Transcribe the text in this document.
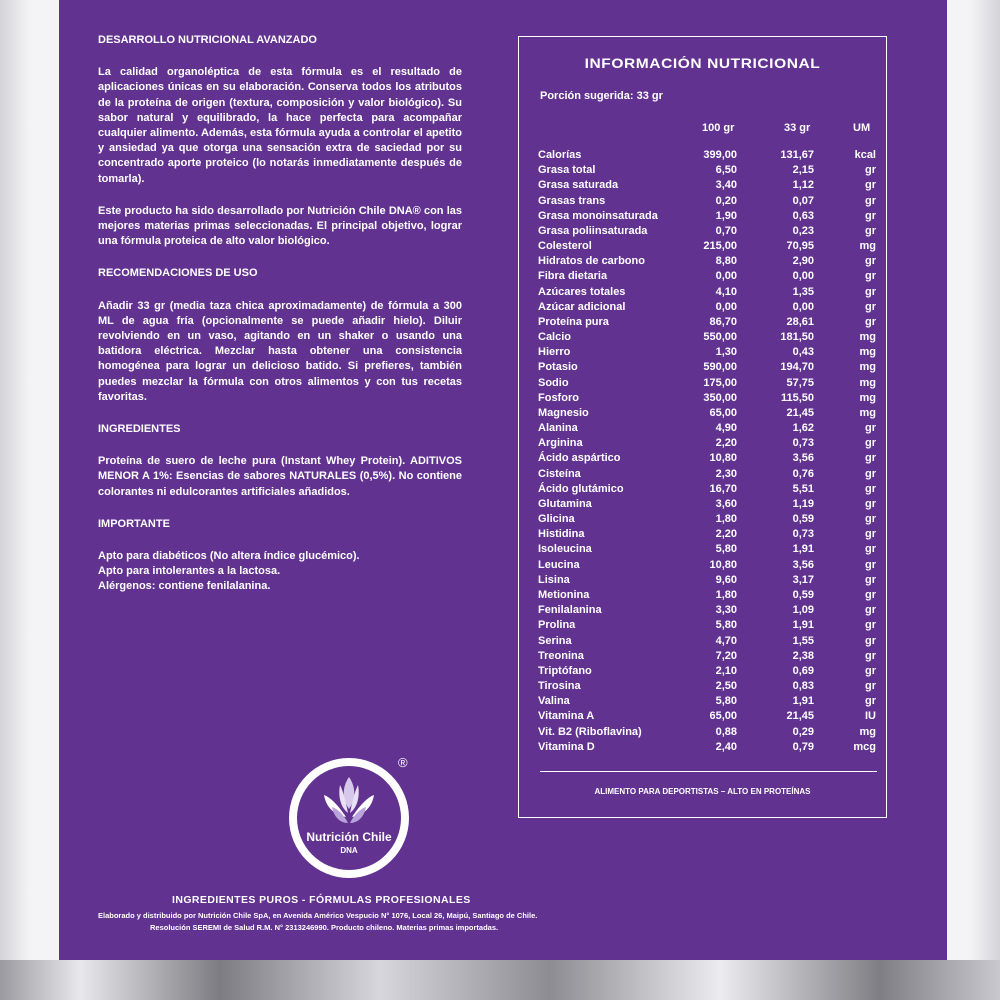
DESARROLLO NUTRICIONAL AVANZADO

La calidad organoléptica de esta fórmula es el resultado de aplicaciones únicas en su elaboración. Conserva todos los atributos de la proteína de origen (textura, composición y valor biológico). Su sabor natural y equilibrado, la hace perfecta para acompañar cualquier alimento. Además, esta fórmula ayuda a controlar el apetito y ansiedad ya que otorga una sensación extra de saciedad por su concentrado aporte proteico (lo notarás inmediatamente después de tomarla).

Este producto ha sido desarrollado por Nutrición Chile DNA® con las mejores materias primas seleccionadas. El principal objetivo, lograr una fórmula proteica de alto valor biológico.

RECOMENDACIONES DE USO

Añadir 33 gr (media taza chica aproximadamente) de fórmula a 300 ML de agua fría (opcionalmente se puede añadir hielo). Diluir revolviendo en un vaso, agitando en un shaker o usando una batidora eléctrica. Mezclar hasta obtener una consistencia homogénea para lograr un delicioso batido. Si prefieres, también puedes mezclar la fórmula con otros alimentos y con tus recetas favoritas.

INGREDIENTES

Proteína de suero de leche pura (Instant Whey Protein). ADITIVOS MENOR A 1%: Esencias de sabores NATURALES (0,5%). No contiene colorantes ni edulcorantes artificiales añadidos.

IMPORTANTE

Apto para diabéticos (No altera índice glucémico).

Apto para intolerantes a la lactosa.

Alérgenos: contiene fenilalanina.

INFORMACIÓN NUTRICIONAL
Porción sugerida: 33 gr
100 gr	33 gr	UM
Calorías	399,00	131,67	kcal
Grasa total	6,50	2,15	gr
Grasa saturada	3,40	1,12	gr
Grasas trans	0,20	0,07	gr
Grasa monoinsaturada	1,90	0,63	gr
Grasa poliinsaturada	0,70	0,23	gr
Colesterol	215,00	70,95	mg
Hidratos de carbono	8,80	2,90	gr
Fibra dietaria	0,00	0,00	gr
Azúcares totales	4,10	1,35	gr
Azúcar adicional	0,00	0,00	gr
Proteína pura	86,70	28,61	gr
Calcio	550,00	181,50	mg
Hierro	1,30	0,43	mg
Potasio	590,00	194,70	mg
Sodio	175,00	57,75	mg
Fosforo	350,00	115,50	mg
Magnesio	65,00	21,45	mg
Alanina	4,90	1,62	gr
Arginina	2,20	0,73	gr
Ácido aspártico	10,80	3,56	gr
Cisteína	2,30	0,76	gr
Ácido glutámico	16,70	5,51	gr
Glutamina	3,60	1,19	gr
Glicina	1,80	0,59	gr
Histidina	2,20	0,73	gr
Isoleucina	5,80	1,91	gr
Leucina	10,80	3,56	gr
Lisina	9,60	3,17	gr
Metionina	1,80	0,59	gr
Fenilalanina	3,30	1,09	gr
Prolina	5,80	1,91	gr
Serina	4,70	1,55	gr
Treonina	7,20	2,38	gr
Triptófano	2,10	0,69	gr
Tirosina	2,50	0,83	gr
Valina	5,80	1,91	gr
Vitamina A	65,00	21,45	IU
Vit. B2 (Riboflavina)	0,88	0,29	mg
Vitamina D	2,40	0,79	mcg
ALIMENTO PARA DEPORTISTAS – ALTO EN PROTEÍNAS
Nutrición Chile
DNA
®
INGREDIENTES PUROS - FÓRMULAS PROFESIONALES
Elaborado y distribuido por Nutrición Chile SpA, en Avenida Américo Vespucio N° 1076, Local 26, Maipú, Santiago de Chile.
Resolución SEREMI de Salud R.M. N° 2313246990. Producto chileno. Materias primas importadas.
